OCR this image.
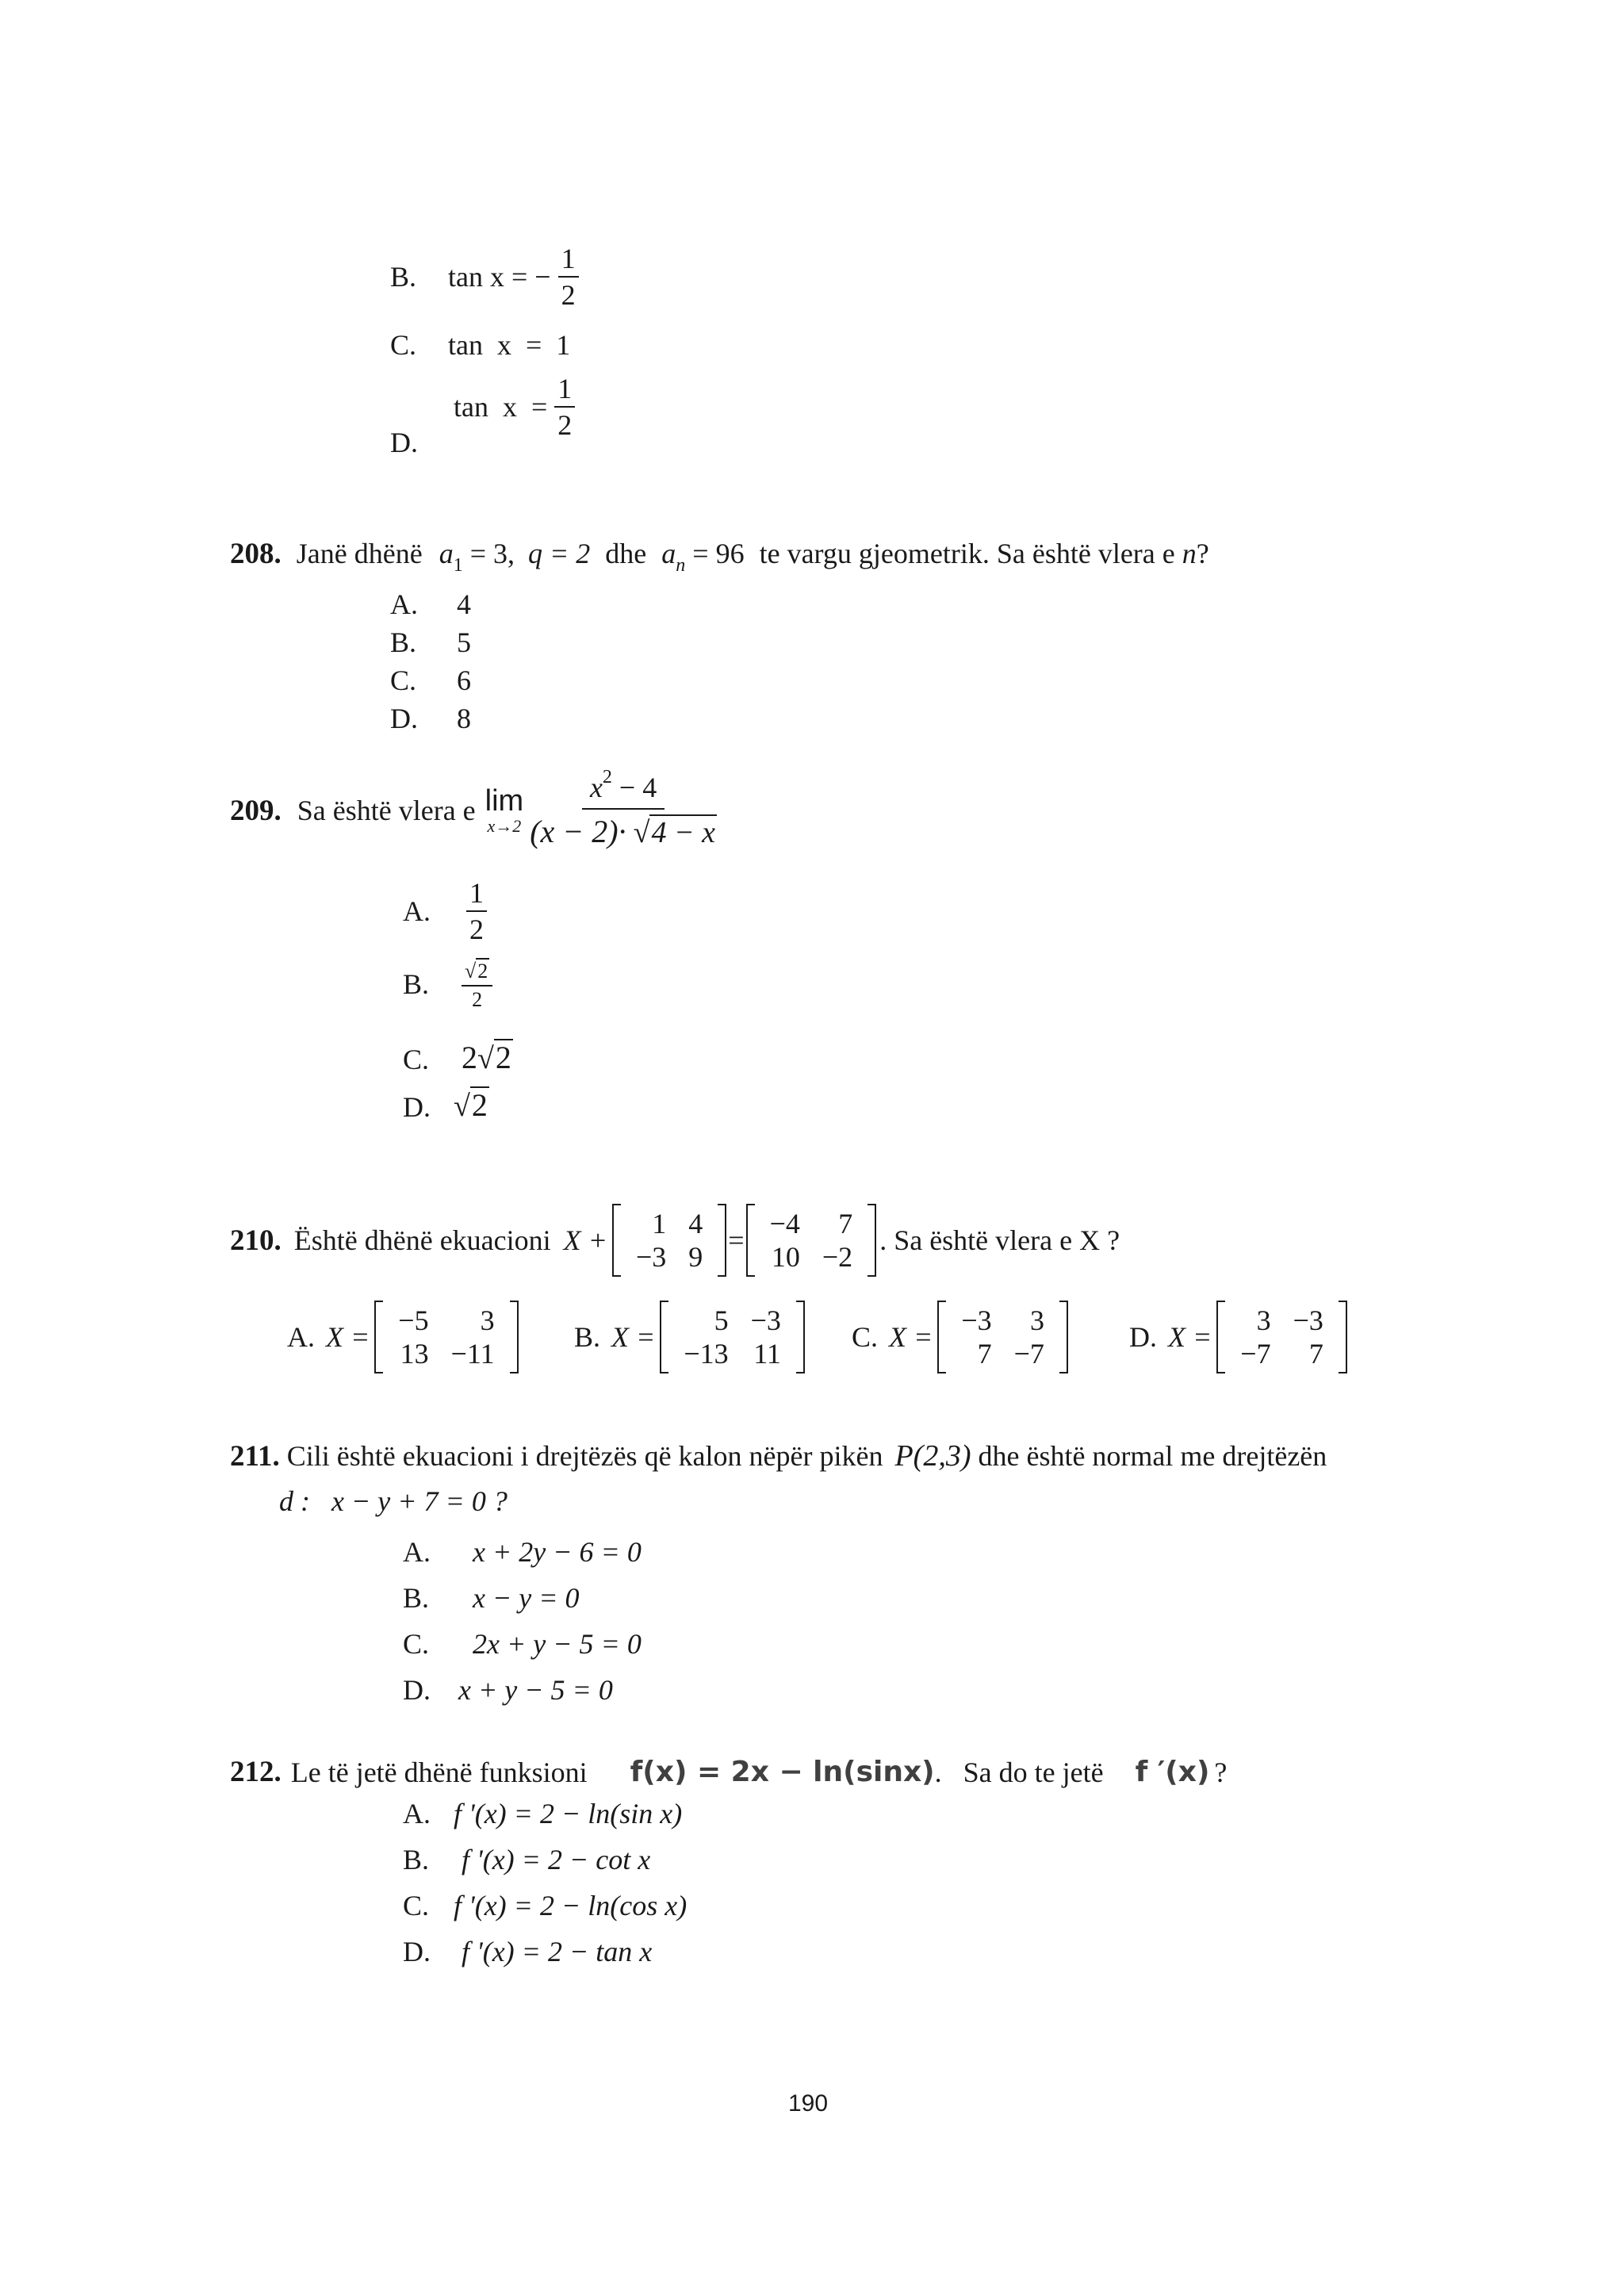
B. tan x = − $\frac{1}{2}$
C. tan  x  =  1
$\tan x = \frac{1}{2}$
D.
208. Janë dhënë $a_1 = 3$, q = 2 dhe $a_n = 96$ te vargu gjeometrik. Sa është vlera e n?
A. 4
B. 5
C. 6
D. 8
209. Sa është vlera e lim
$x\to 2 \frac{x^2 - 4}{(x - 2)\cdot √ 4 - x}$
A.	$\frac{1}{2}$
B.	$\frac{√ 2}{2}$
C.	2 √ 2
D. √ 2
210. Është dhënë ekuacioni X +
1 4
−3 9
=
−4	7
10 −2
. Sa është vlera e X ?
A. X =
−5	3
13 −11
B. X =
5 −3
−13 11
C. X =
−3	3
7 −7
D. X =
3 −3
−7	7
211. Cili është ekuacioni i drejtëzës që kalon nëpër pikën P(2,3) dhe është normal me drejtëzën
d :   x − y + 7 = 0 ?
A. x + 2y − 6 = 0
B. x − y = 0
C. 2x + y − 5 = 0
D. x + y − 5 = 0
212. Le të jetë dhënë funksioni f(x) = 2x − ln(sinx) .   Sa do te jetë f ′(x) ?
A. f '(x) = 2 − ln(sin x)
B. f '(x) = 2 − cot x
C. f '(x) = 2 − ln(cos x)
D. f '(x) = 2 − tan x
190
